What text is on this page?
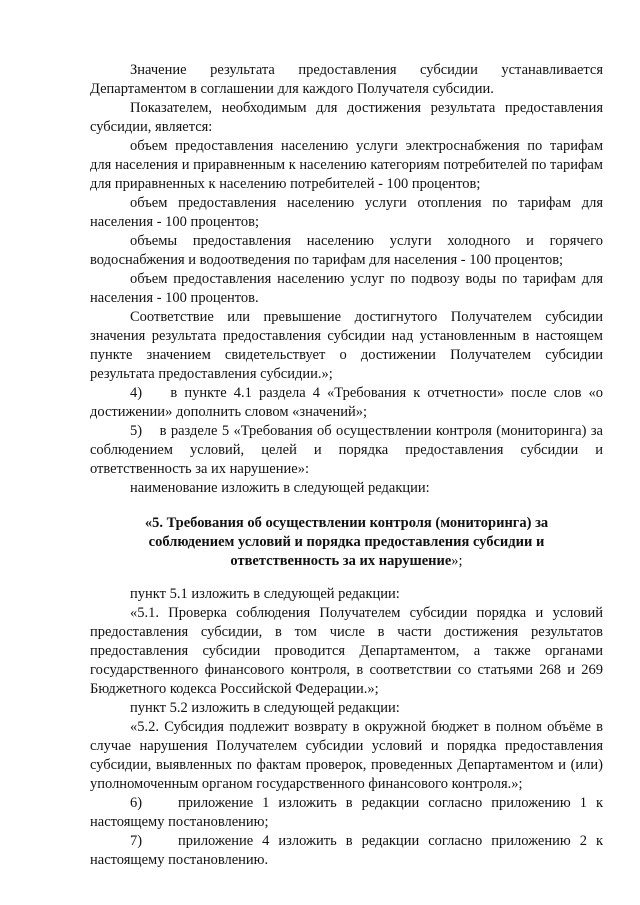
Значение результата предоставления субсидии устанавливается Департаментом в соглашении для каждого Получателя субсидии.

Показателем, необходимым для достижения результата предоставления субсидии, является:

объем предоставления населению услуги электроснабжения по тарифам для населения и приравненным к населению категориям потребителей по тарифам для приравненных к населению потребителей - 100 процентов;

объем предоставления населению услуги отопления по тарифам для населения - 100 процентов;

объемы предоставления населению услуги холодного и горячего водоснабжения и водоотведения по тарифам для населения - 100 процентов;

объем предоставления населению услуг по подвозу воды по тарифам для населения - 100 процентов.

Соответствие или превышение достигнутого Получателем субсидии значения результата предоставления субсидии над установленным в настоящем пункте значением свидетельствует о достижении Получателем субсидии результата предоставления субсидии.»;

4)    в пункте 4.1 раздела 4 «Требования к отчетности» после слов «о достижении» дополнить словом «значений»;

5)    в разделе 5 «Требования об осуществлении контроля (мониторинга) за соблюдением условий, целей и порядка предоставления субсидии и ответственность за их нарушение»:

наименование изложить в следующей редакции:

«5. Требования об осуществлении контроля (мониторинга) за соблюдением условий и порядка предоставления субсидии и ответственность за их нарушение»;

пункт 5.1 изложить в следующей редакции:

«5.1. Проверка соблюдения Получателем субсидии порядка и условий предоставления субсидии, в том числе в части достижения результатов предоставления субсидии проводится Департаментом, а также органами государственного финансового контроля, в соответствии со статьями 268 и 269 Бюджетного кодекса Российской Федерации.»;

пункт 5.2 изложить в следующей редакции:

«5.2. Субсидия подлежит возврату в окружной бюджет в полном объёме в случае нарушения Получателем субсидии условий и порядка предоставления субсидии, выявленных по фактам проверок, проведенных Департаментом и (или) уполномоченным органом государственного финансового контроля.»;

6)    приложение 1 изложить в редакции согласно приложению 1 к настоящему постановлению;

7)    приложение 4 изложить в редакции согласно приложению 2 к настоящему постановлению.
